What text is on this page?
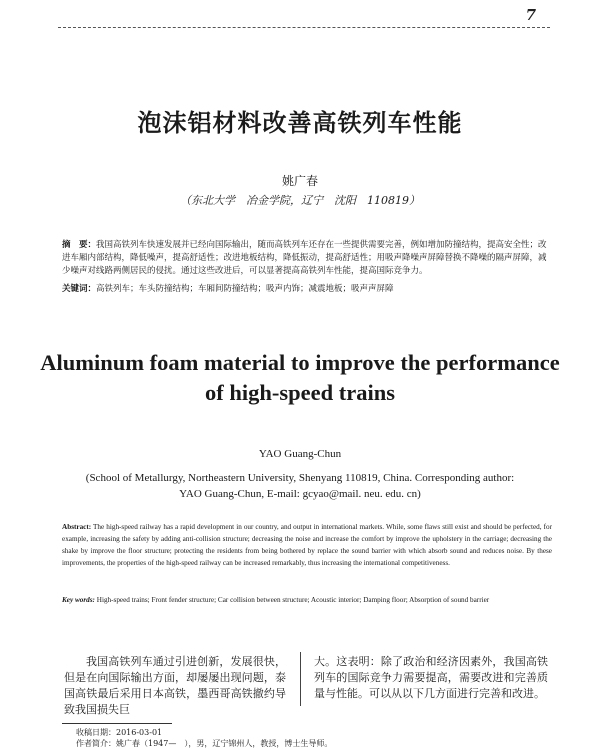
7
泡沫铝材料改善高铁列车性能
姚广春
（东北大学　冶金学院，辽宁　沈阳　110819）
摘　要：我国高铁列车快速发展并已经向国际输出，随而高铁列车还存在一些提供需要完善，例如增加防撞结构，提高安全性；改进车厢内部结构，降低噪声，提高舒适性；改进地板结构，降低振动，提高舒适性；用吸声降噪声屏障替换不降噪的隔声屏障，减少噪声对线路两侧居民的侵扰。通过这些改进后，可以显著提高高铁列车性能，提高国际竞争力。
关键词：高铁列车；车头防撞结构；车厢间防撞结构；吸声内饰；减震地板；吸声声屏障
Aluminum foam material to improve the performance
of high-speed trains
YAO Guang-Chun
(School of Metallurgy, Northeastern University, Shenyang 110819, China. Corresponding author:
YAO Guang-Chun, E-mail: gcyao@mail. neu. edu. cn)
Abstract: The high-speed railway has a rapid development in our country, and output in international markets. While, some flaws still exist and should be perfected, for example, increasing the safety by adding anti-collision structure; decreasing the noise and increase the comfort by improve the upholstery in the carriage; decreasing the shake by improve the floor structure; protecting the residents from being bothered by replace the sound barrier with which absorb sound and reduces noise. By these improvements, the properties of the high-speed railway can be increased remarkably, thus increasing the international competitiveness.
Key words: High-speed trains; Front fender structure; Car collision between structure; Acoustic interior; Damping floor; Absorption of sound barrier
我国高铁列车通过引进创新，发展很快，但是在向国际输出方面，却屡屡出现问题，泰国高铁最后采用日本高铁，墨西哥高铁撤约导致我国损失巨
大。这表明：除了政治和经济因素外，我国高铁列车的国际竞争力需要提高，需要改进和完善质量与性能。可以从以下几方面进行完善和改进。
收稿日期：2016-03-01
作者简介：姚广春（1947—　），男，辽宁锦州人，教授，博士生导师。
